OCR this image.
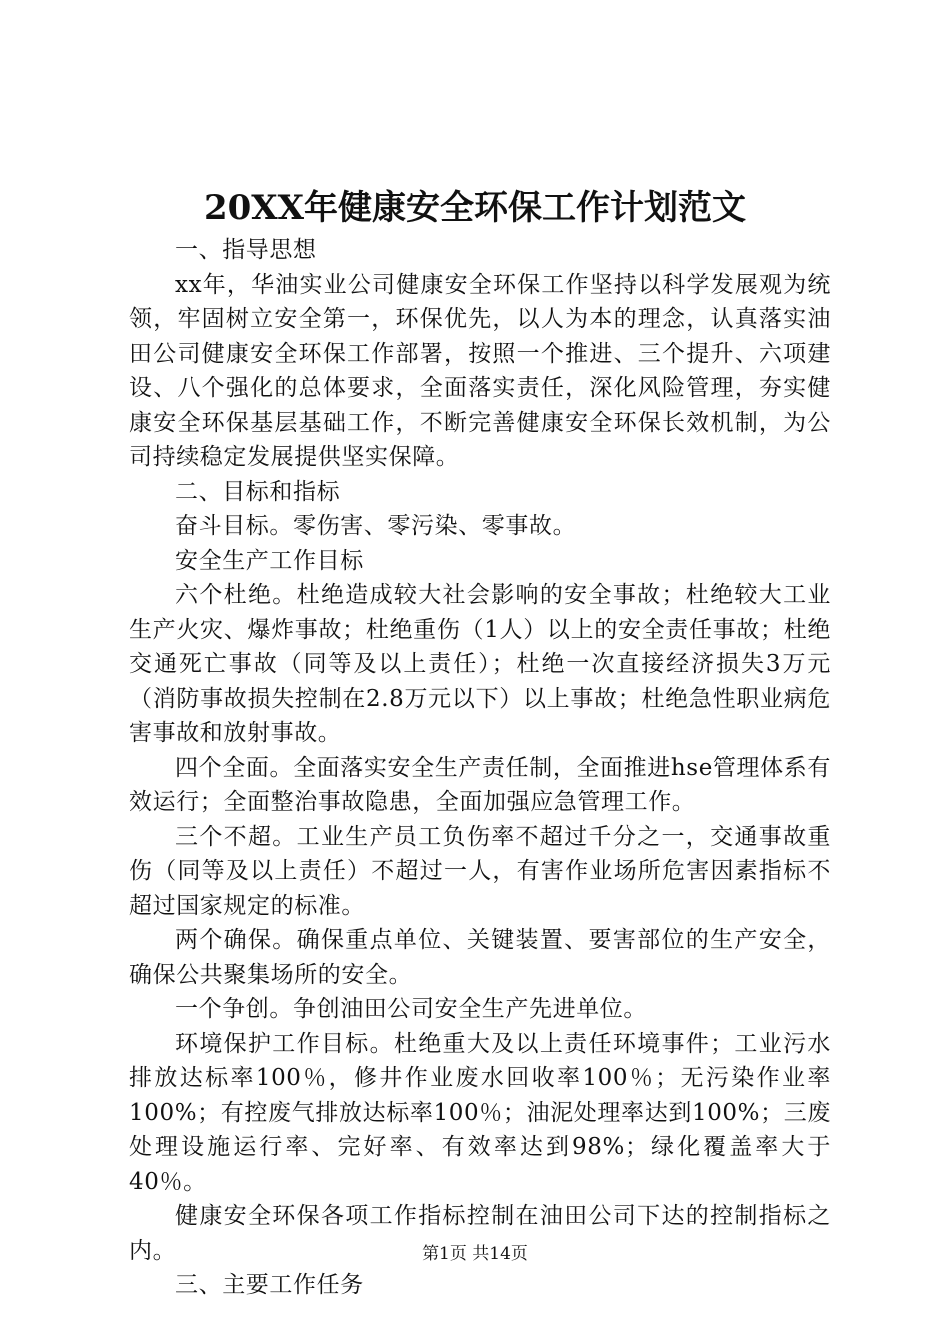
20XX年健康安全环保工作计划范文

一、指导思想

xx年，华油实业公司健康安全环保工作坚持以科学发展观为统领，牢固树立安全第一，环保优先，以人为本的理念，认真落实油田公司健康安全环保工作部署，按照一个推进、三个提升、六项建设、八个强化的总体要求，全面落实责任，深化风险管理，夯实健康安全环保基层基础工作，不断完善健康安全环保长效机制，为公司持续稳定发展提供坚实保障。

二、目标和指标

奋斗目标。零伤害、零污染、零事故。

安全生产工作目标

六个杜绝。杜绝造成较大社会影响的安全事故；杜绝较大工业生产火灾、爆炸事故；杜绝重伤（1人）以上的安全责任事故；杜绝交通死亡事故（同等及以上责任）；杜绝一次直接经济损失3万元（消防事故损失控制在2.8万元以下）以上事故；杜绝急性职业病危害事故和放射事故。

四个全面。全面落实安全生产责任制，全面推进hse管理体系有效运行；全面整治事故隐患，全面加强应急管理工作。

三个不超。工业生产员工负伤率不超过千分之一，交通事故重伤（同等及以上责任）不超过一人，有害作业场所危害因素指标不超过国家规定的标准。

两个确保。确保重点单位、关键装置、要害部位的生产安全，确保公共聚集场所的安全。

一个争创。争创油田公司安全生产先进单位。

环境保护工作目标。杜绝重大及以上责任环境事件；工业污水排放达标率100％，修井作业废水回收率100％；无污染作业率100%；有控废气排放达标率100％；油泥处理率达到100%；三废处理设施运行率、完好率、有效率达到98%；绿化覆盖率大于40％。

健康安全环保各项工作指标控制在油田公司下达的控制指标之内。

三、主要工作任务

第1页 共14页
